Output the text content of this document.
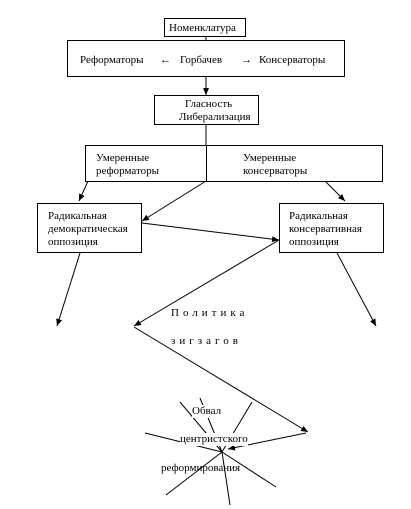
Номенклатура
Реформаторы ← Горбачев → Консерваторы
Гласность
Либерализация
Умеренные
реформаторы
Умеренные
консерваторы
Радикальная
демократическая
оппозиция
Радикальная
консервативная
оппозиция
Политика
зигзагов
Обвал
центристского
реформирования
